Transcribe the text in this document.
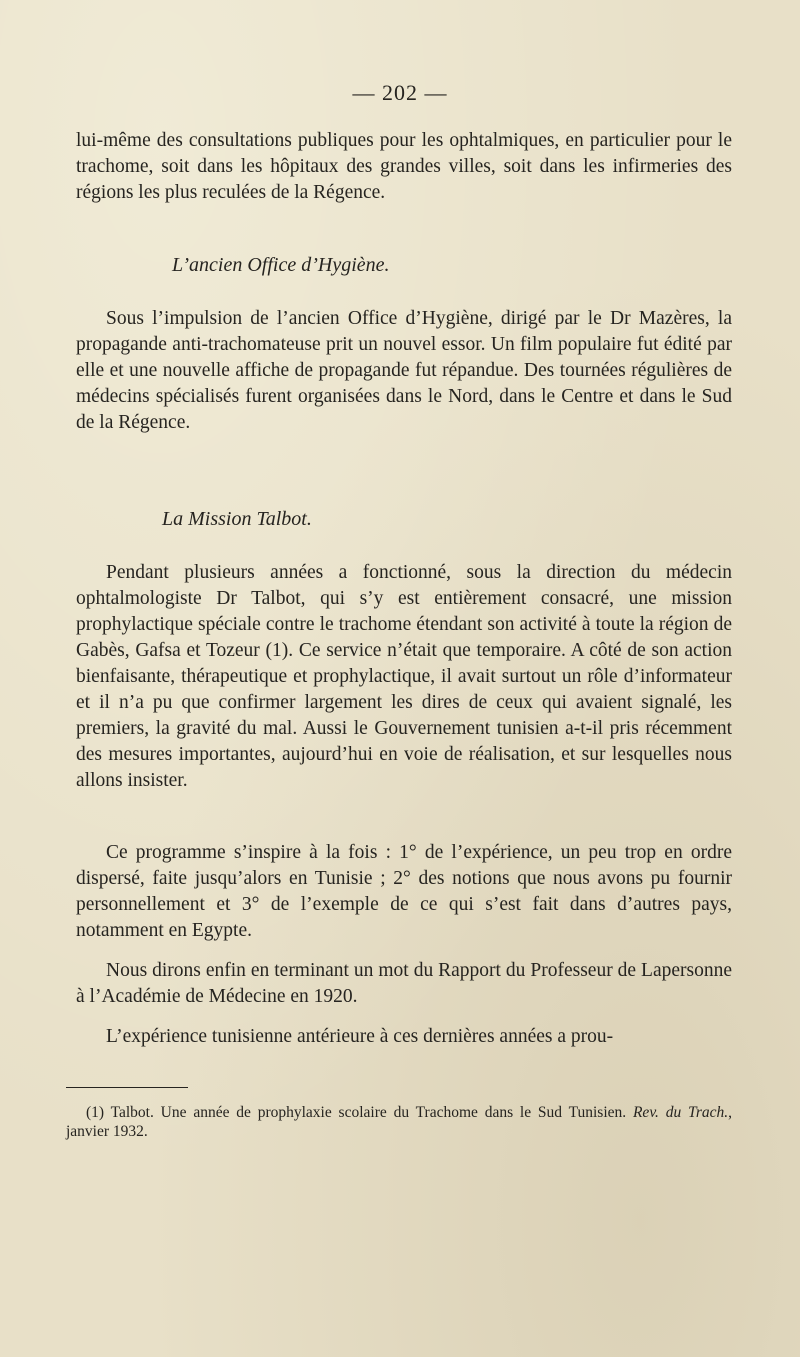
— 202 —

lui-même des consultations publiques pour les ophtalmiques, en particulier pour le trachome, soit dans les hôpitaux des grandes villes, soit dans les infirmeries des régions les plus reculées de la Régence.

L’ancien Office d’Hygiène.

Sous l’impulsion de l’ancien Office d’Hygiène, dirigé par le Dr Mazères, la propagande anti-trachomateuse prit un nouvel essor. Un film populaire fut édité par elle et une nouvelle affiche de propagande fut répandue. Des tournées régulières de médecins spécialisés furent organisées dans le Nord, dans le Centre et dans le Sud de la Régence.

La Mission Talbot.

Pendant plusieurs années a fonctionné, sous la direction du médecin ophtalmologiste Dr Talbot, qui s’y est entièrement consacré, une mission prophylactique spéciale contre le trachome étendant son activité à toute la région de Gabès, Gafsa et Tozeur (1). Ce service n’était que temporaire. A côté de son action bienfaisante, thérapeutique et prophylactique, il avait surtout un rôle d’informateur et il n’a pu que confirmer largement les dires de ceux qui avaient signalé, les premiers, la gravité du mal. Aussi le Gouvernement tunisien a-t-il pris récemment des mesures importantes, aujourd’hui en voie de réalisation, et sur lesquelles nous allons insister.

Ce programme s’inspire à la fois : 1° de l’expérience, un peu trop en ordre dispersé, faite jusqu’alors en Tunisie ; 2° des notions que nous avons pu fournir personnellement et 3° de l’exemple de ce qui s’est fait dans d’autres pays, notamment en Egypte.

Nous dirons enfin en terminant un mot du Rapport du Professeur de Lapersonne à l’Académie de Médecine en 1920.

L’expérience tunisienne antérieure à ces dernières années a prou-

(1) Talbot. Une année de prophylaxie scolaire du Trachome dans le Sud Tunisien. Rev. du Trach., janvier 1932.
